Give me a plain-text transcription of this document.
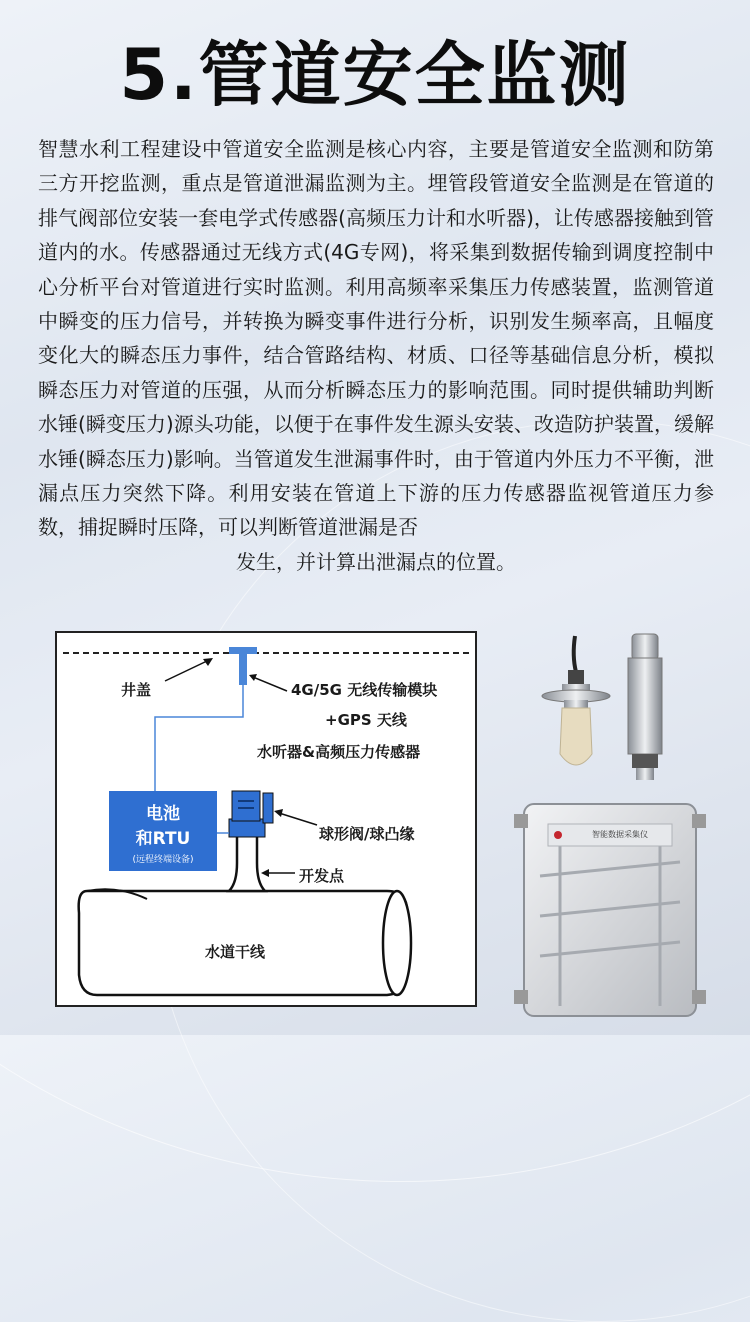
5.管道安全监测
智慧水利工程建设中管道安全监测是核心内容，主要是管道安全监测和防第三方开挖监测，重点是管道泄漏监测为主。埋管段管道安全监测是在管道的排气阀部位安装一套电学式传感器(高频压力计和水听器)，让传感器接触到管道内的水。传感器通过无线方式(4G专网)，将采集到数据传输到调度控制中心分析平台对管道进行实时监测。利用高频率采集压力传感装置，监测管道中瞬变的压力信号，并转换为瞬变事件进行分析，识别发生频率高，且幅度变化大的瞬态压力事件，结合管路结构、材质、口径等基础信息分析，模拟瞬态压力对管道的压强，从而分析瞬态压力的影响范围。同时提供辅助判断水锤(瞬变压力)源头功能，以便于在事件发生源头安装、改造防护装置，缓解水锤(瞬态压力)影响。当管道发生泄漏事件时，由于管道内外压力不平衡，泄漏点压力突然下降。利用安装在管道上下游的压力传感器监视管道压力参数，捕捉瞬时压降，可以判断管道泄漏是否
发生，并计算出泄漏点的位置。
井盖	4G/5G 无线传输模块
+GPS 天线
水听器&高频压力传感器
球形阀/球凸缘
开发点
水道干线
电池
和RTU
(远程终端设备)
智能数据采集仪
